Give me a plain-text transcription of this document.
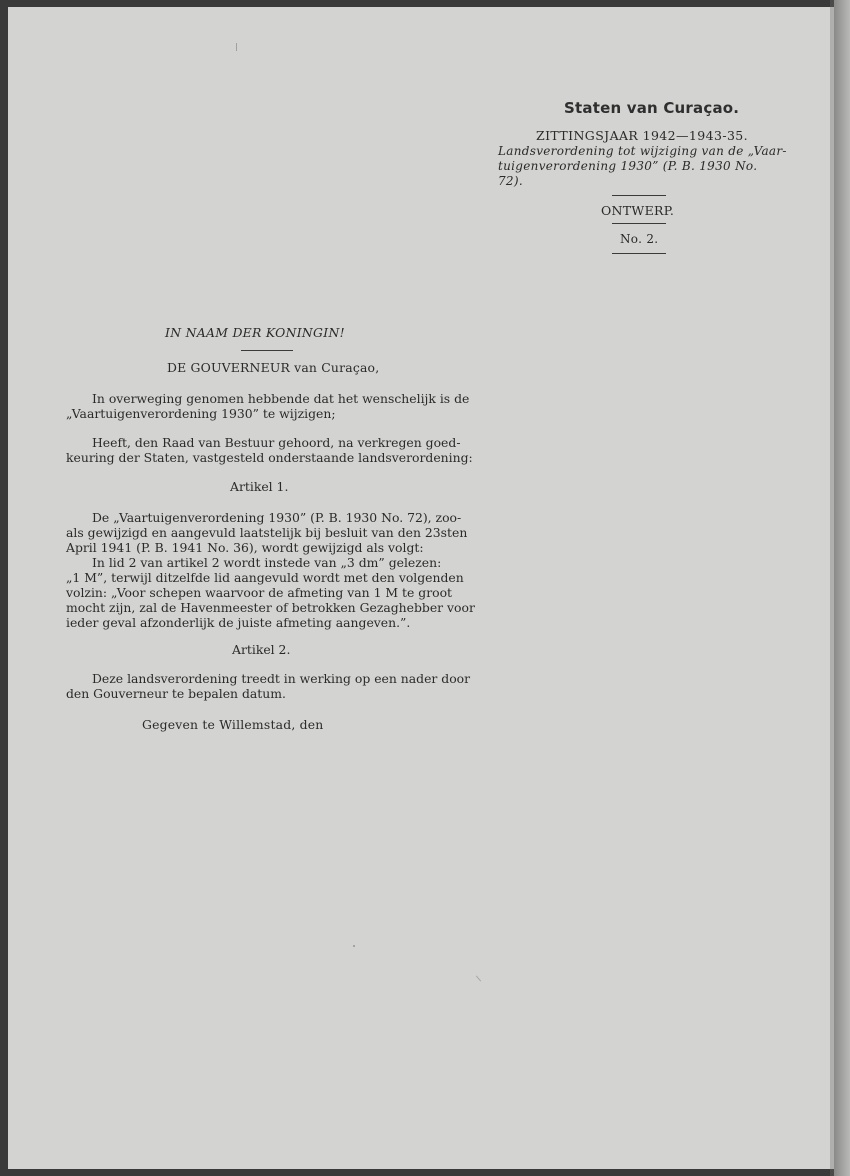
Staten van Curaçao.
ZITTINGSJAAR 1942—1943-35.
Landsverordening tot wijziging van de „Vaar-
tuigenverordening 1930” (P. B. 1930 No.
72).
ONTWERP.
No. 2.
IN NAAM DER KONINGIN!
DE GOUVERNEUR van Curaçao,
In overweging genomen hebbende dat het wenschelijk is de
„Vaartuigenverordening 1930” te wijzigen;
Heeft, den Raad van Bestuur gehoord, na verkregen goed-
keuring der Staten, vastgesteld onderstaande landsverordening:
Artikel 1.
De „Vaartuigenverordening 1930” (P. B. 1930 No. 72), zoo-
als gewijzigd en aangevuld laatstelijk bij besluit van den 23sten
April 1941 (P. B. 1941 No. 36), wordt gewijzigd als volgt:
In lid 2 van artikel 2 wordt instede van „3 dm” gelezen:
„1 M”, terwijl ditzelfde lid aangevuld wordt met den volgenden
volzin: „Voor schepen waarvoor de afmeting van 1 M te groot
mocht zijn, zal de Havenmeester of betrokken Gezaghebber voor
ieder geval afzonderlijk de juiste afmeting aangeven.”.
Artikel 2.
Deze landsverordening treedt in werking op een nader door
den Gouverneur te bepalen datum.
Gegeven te Willemstad, den
